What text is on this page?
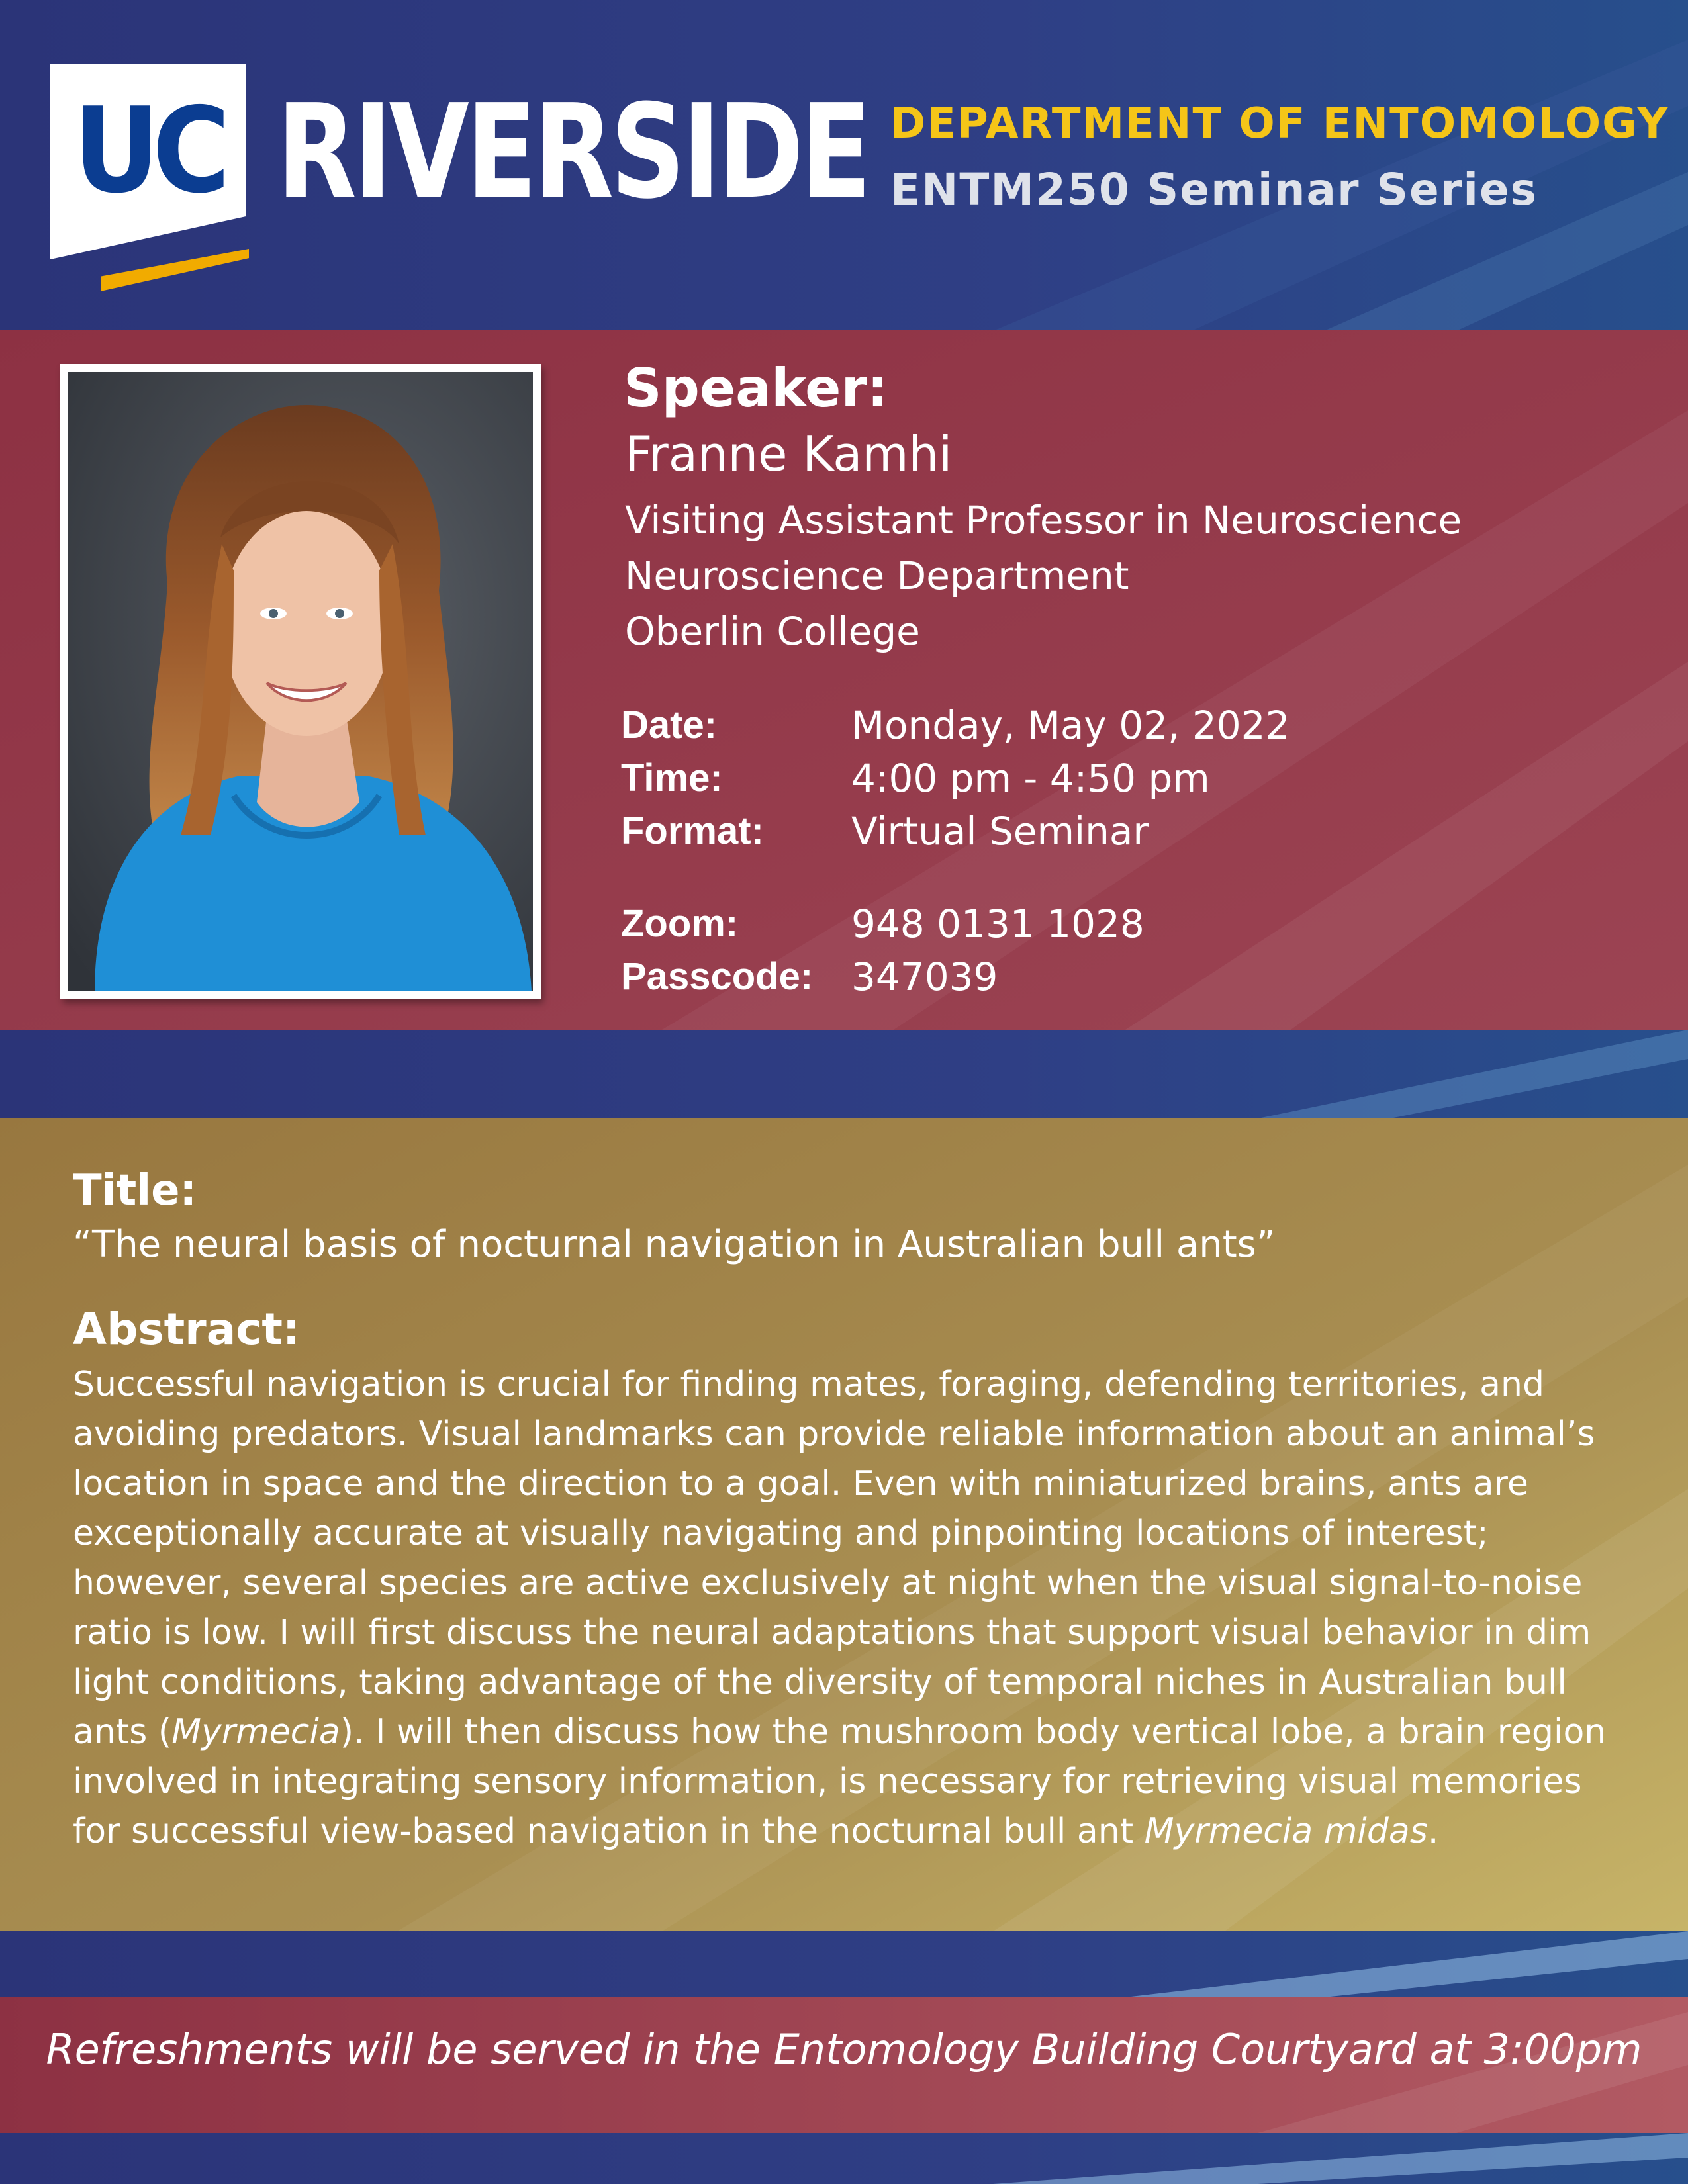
UC RIVERSIDE DEPARTMENT OF ENTOMOLOGY
ENTM250 Seminar Series
Speaker:
Franne Kamhi
Visiting Assistant Professor in Neuroscience
Neuroscience Department
Oberlin College
Date:	Monday, May 02, 2022
Time:	4:00 pm - 4:50 pm
Format: Virtual Seminar
Zoom:	948 0131 1028
Passcode: 347039
Title:
“The neural basis of nocturnal navigation in Australian bull ants”
Abstract:
Successful navigation is crucial for finding mates, foraging, defending territories, and avoiding predators. Visual landmarks can provide reliable information about an animal’s location in space and the direction to a goal. Even with miniaturized brains, ants are exceptionally accurate at visually navigating and pinpointing locations of interest; however, several species are active exclusively at night when the visual signal-to-noise ratio is low. I will first discuss the neural adaptations that support visual behavior in dim light conditions, taking advantage of the diversity of temporal niches in Australian bull ants (Myrmecia). I will then discuss how the mushroom body vertical lobe, a brain region involved in integrating sensory information, is necessary for retrieving visual memories for successful view-based navigation in the nocturnal bull ant Myrmecia midas.
Refreshments will be served in the Entomology Building Courtyard at 3:00pm
